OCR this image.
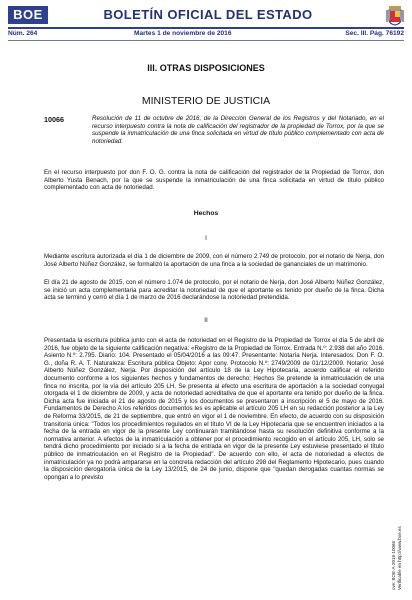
BOE	BOLETÍN OFICIAL DEL ESTADO
Núm. 264	Martes 1 de noviembre de 2016	Sec. III. Pág. 76192
III. OTRAS DISPOSICIONES
MINISTERIO DE JUSTICIA
10066	Resolución de 11 de octubre de 2016, de la Dirección General de los Registros y del Notariado, en el recurso interpuesto contra la nota de calificación del registrador de la propiedad de Torrox, por la que se suspende la inmatriculación de una finca solicitada en virtud de título público complementado con acta de notoriedad.
En el recurso interpuesto por don F. O. G. contra la nota de calificación del registrador de la Propiedad de Torrox, don Alberto Yusta Benach, por la que se suspende la inmatriculación de una finca solicitada en virtud de título público complementado con acta de notoriedad.
Hechos
I
Mediante escritura autorizada el día 1 de diciembre de 2009, con el número 2.749 de protocolo, por el notario de Nerja, don José Alberto Núñez González, se formalizó la aportación de una finca a la sociedad de gananciales de un matrimonio.
El día 21 de agosto de 2015, con el número 1.074 de protocolo, por el notario de Nerja, don José Alberto Núñez González, se inició un acta complementaria para acreditar la notoriedad de que el aportante es tenido por dueño de la finca. Dicha acta se terminó y cerró el día 1 de marzo de 2016 declarándose la notoriedad pretendida.
II
Presentada la escritura pública junto con el acta de notoriedad en el Registro de la Propiedad de Torrox el día 5 de abril de 2016, fue objeto de la siguiente calificación negativa: «Registro de la Propiedad de Torrox. Entrada N.º: 2.938 del año 2016. Asiento N.º: 2.795. Diario: 104. Presentado el 05/04/2016 a las 09:47. Presentante: Notaría Nerja. Interesados: Don F. O. G., doña R. A. T. Naturaleza: Escritura pública Objeto: Apor cony. Protocolo N.º: 2749/2009 de 01/12/2009. Notario: José Alberto Núñez González, Nerja. Por disposición del artículo 18 de la Ley Hipotecaria, acuerdo calificar el referido documento conforme a los siguientes hechos y fundamentos de derecho: Hechos Se pretende la inmatriculación de una finca no inscrita, por la vía del artículo 205 LH. Se presenta al efecto una escritura de aportación a la sociedad conyugal otorgada el 1 de diciembre de 2009, y acta de notoriedad acreditativa de que el aportante era tenido por dueño de la finca. Dicha acta fue iniciada el 21 de agosto de 2015 y los documentos se presentaron a inscripción el 5 de mayo de 2016. Fundamentos de Derecho A los referidos documentos les es aplicable el artículo 205 LH en su redacción posterior a la Ley de Reforma 33/2015, de 21 de septiembre, que entró en vigor el 1 de noviembre. En efecto, de acuerdo con su disposición transitoria única: "Todos los procedimientos regulados en el título VI de la Ley Hipotecaria que se encuentren iniciados a la fecha de la entrada en vigor de la presente Ley continuarán tramitándose hasta su resolución definitiva conforme a la normativa anterior. A efectos de la inmatriculación a obtener por el procedimiento recogido en el artículo 205, LH, solo se tendrá dicho procedimiento por iniciado si a la fecha de entrada en vigor de la presente Ley estuviese presentado el título público de inmatriculación en el Registro de la Propiedad". De acuerdo con ello, el acta de notoriedad a efectos de inmatriculación ya no podrá ampararse en la concreta redacción del artículo 298 del Reglamento Hipotecario, pues cuando la disposición derogatoria única de la Ley 13/2015, de 24 de junio, dispone que "quedan derogadas cuantas normas se opongan a lo previsto
cve: BOE-A-2016-10066 Verificable en http://www.boe.es
